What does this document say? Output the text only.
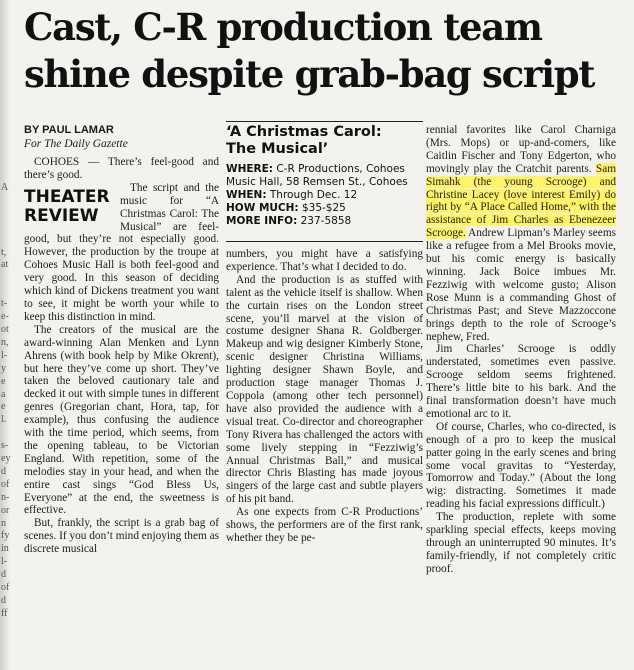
A

t,
at

t-
e-
ot
n,
l-
y
e
a
e
l.

s-
ey
d
of
n-
or
n
fy
in
l-
d
of
d
ff
Cast, C-R production team
shine despite grab-bag script
BY PAUL LAMAR
For The Daily Gazette

COHOES — There’s feel-good and there’s good.

THEATER
REVIEW

The script and the music for “A Christmas Carol: The Musical” are feel-good, but they’re not especially good. However, the production by the troupe at Cohoes Music Hall is both feel-good and very good. In this season of deciding which kind of Dickens treatment you want to see, it might be worth your while to keep this distinction in mind.

The creators of the musical are the award-winning Alan Menken and Lynn Ahrens (with book help by Mike Okrent), but here they’ve come up short. They’ve taken the beloved cautionary tale and decked it out with simple tunes in different genres (Gregorian chant, Hora, tap, for example), thus confusing the audience with the time period, which seems, from the opening tableau, to be Victorian England. With repetition, some of the melodies stay in your head, and when the entire cast sings “God Bless Us, Everyone” at the end, the sweetness is effective.

But, frankly, the script is a grab bag of scenes. If you don’t mind enjoying them as discrete musical

‘A Christmas Carol:
The Musical’
WHERE: C-R Productions, Cohoes Music Hall, 58 Remsen St., Cohoes
WHEN: Through Dec. 12
HOW MUCH: $35-$25
MORE INFO: 237-5858

numbers, you might have a satisfying experience. That’s what I decided to do.

And the production is as stuffed with talent as the vehicle itself is shallow. When the curtain rises on the London street scene, you’ll marvel at the vision of costume designer Shana R. Goldberger. Makeup and wig designer Kimberly Stone, scenic designer Christina Williams, lighting designer Shawn Boyle, and production stage manager Thomas J. Coppola (among other tech personnel) have also provided the audience with a visual treat. Co-director and choreographer Tony Rivera has challenged the actors with some lively stepping in “Fezziwig’s Annual Christmas Ball,” and musical director Chris Blasting has made joyous singers of the large cast and subtle players of his pit band.

As one expects from C-R Productions’ shows, the performers are of the first rank, whether they be pe-

rennial favorites like Carol Charniga (Mrs. Mops) or up-and-comers, like Caitlin Fischer and Tony Edgerton, who movingly play the Cratchit parents. Sam Simahk (the young Scrooge) and Christine Lacey (love interest Emily) do right by “A Place Called Home,” with the assistance of Jim Charles as Ebenezeer Scrooge. Andrew Lipman’s Marley seems like a refugee from a Mel Brooks movie, but his comic energy is basically winning. Jack Boice imbues Mr. Fezziwig with welcome gusto; Alison Rose Munn is a commanding Ghost of Christmas Past; and Steve Mazzoccone brings depth to the role of Scrooge’s nephew, Fred.

Jim Charles’ Scrooge is oddly understated, sometimes even passive. Scrooge seldom seems frightened. There’s little bite to his bark. And the final transformation doesn’t have much emotional arc to it.

Of course, Charles, who co-directed, is enough of a pro to keep the musical patter going in the early scenes and bring some vocal gravitas to “Yesterday, Tomorrow and Today.” (About the long wig: distracting. Sometimes it made reading his facial expressions difficult.)

The production, replete with some sparkling special effects, keeps moving through an uninterrupted 90 minutes. It’s family-friendly, if not completely critic proof.
